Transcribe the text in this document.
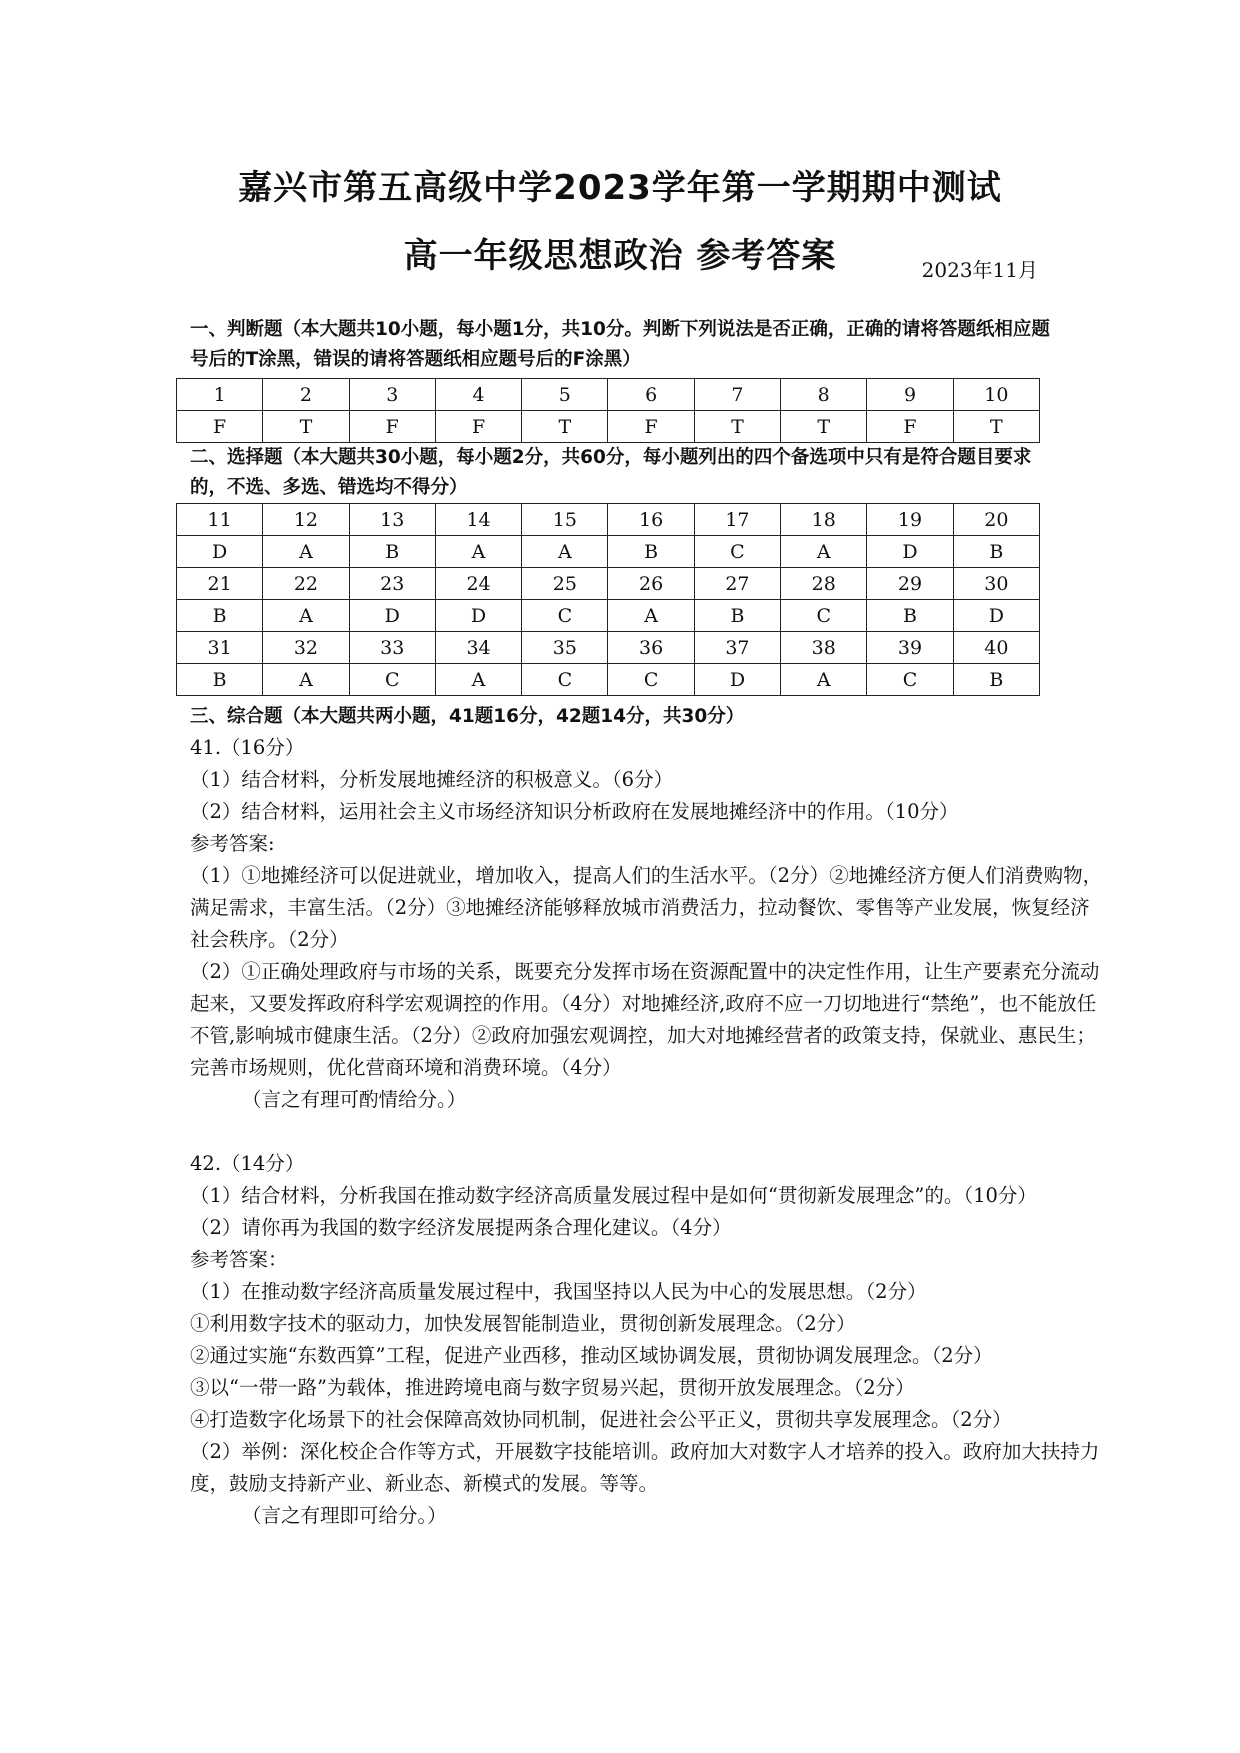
嘉兴市第五高级中学2023学年第一学期期中测试
高一年级思想政治 参考答案	2023年11月
一、判断题（本大题共10小题，每小题1分，共10分。判断下列说法是否正确，正确的请将答题纸相应题号后的T涂黑，错误的请将答题纸相应题号后的F涂黑）
1	2	3	4	5	6	7	8	9	10
F	T	F	F	T	F	T	T	F	T
二、选择题（本大题共30小题，每小题2分，共60分，每小题列出的四个备选项中只有是符合题目要求的，不选、多选、错选均不得分）
11	12	13	14	15	16	17	18	19	20
D	A	B	A	A	B	C	A	D	B
21	22	23	24	25	26	27	28	29	30
B	A	D	D	C	A	B	C	B	D
31	32	33	34	35	36	37	38	39	40
B	A	C	A	C	C	D	A	C	B
三、综合题（本大题共两小题，41题16分，42题14分，共30分）

41.（16分）

（1）结合材料，分析发展地摊经济的积极意义。（6分）

（2）结合材料，运用社会主义市场经济知识分析政府在发展地摊经济中的作用。（10分）

参考答案:

（1）①地摊经济可以促进就业，增加收入，提高人们的生活水平。（2分）②地摊经济方便人们消费购物，满足需求，丰富生活。（2分）③地摊经济能够释放城市消费活力，拉动餐饮、零售等产业发展，恢复经济社会秩序。（2分）

（2）①正确处理政府与市场的关系，既要充分发挥市场在资源配置中的决定性作用，让生产要素充分流动起来，又要发挥政府科学宏观调控的作用。（4分）对地摊经济,政府不应一刀切地进行“禁绝”，也不能放任不管,影响城市健康生活。（2分）②政府加强宏观调控，加大对地摊经营者的政策支持，保就业、惠民生；完善市场规则，优化营商环境和消费环境。（4分）

（言之有理可酌情给分。）

42.（14分）

（1）结合材料，分析我国在推动数字经济高质量发展过程中是如何“贯彻新发展理念”的。（10分）

（2）请你再为我国的数字经济发展提两条合理化建议。（4分）

参考答案：

（1）在推动数字经济高质量发展过程中，我国坚持以人民为中心的发展思想。（2分）

①利用数字技术的驱动力，加快发展智能制造业，贯彻创新发展理念。（2分）

②通过实施“东数西算”工程，促进产业西移，推动区域协调发展，贯彻协调发展理念。（2分）

③以“一带一路”为载体，推进跨境电商与数字贸易兴起，贯彻开放发展理念。（2分）

④打造数字化场景下的社会保障高效协同机制，促进社会公平正义，贯彻共享发展理念。（2分）

（2）举例：深化校企合作等方式，开展数字技能培训。政府加大对数字人才培养的投入。政府加大扶持力度，鼓励支持新产业、新业态、新模式的发展。等等。

（言之有理即可给分。）
